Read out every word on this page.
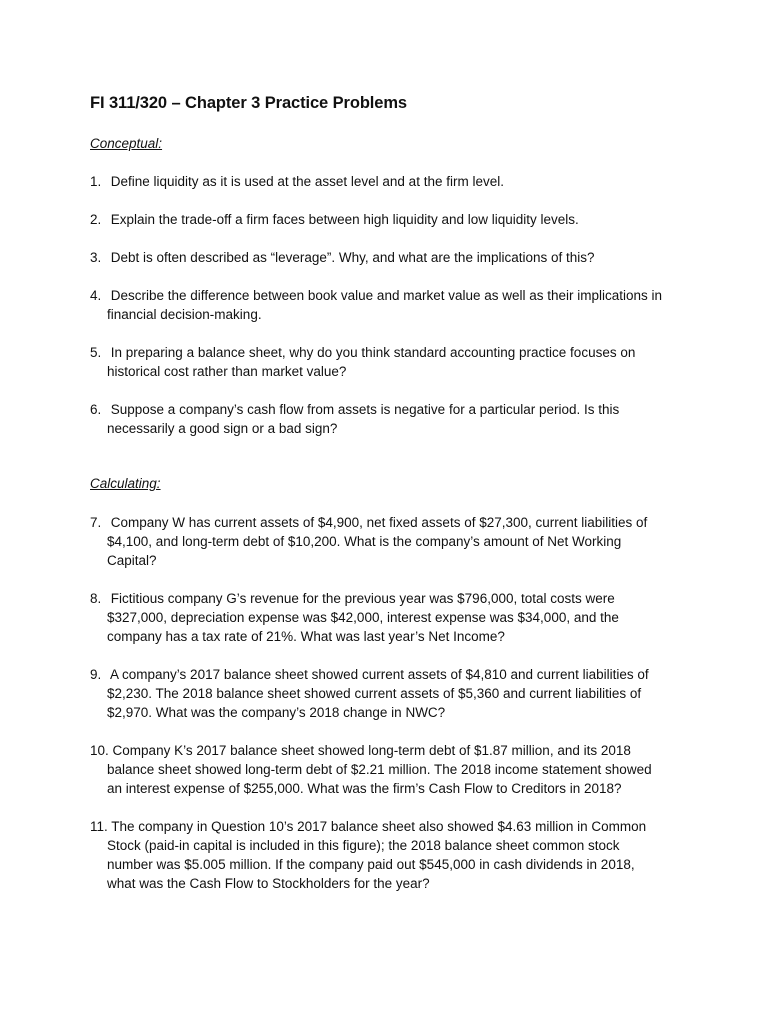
FI 311/320 – Chapter 3 Practice Problems
Conceptual:
1. Define liquidity as it is used at the asset level and at the firm level.
2. Explain the trade-off a firm faces between high liquidity and low liquidity levels.
3. Debt is often described as “leverage”. Why, and what are the implications of this?
4. Describe the difference between book value and market value as well as their implications in
financial decision-making.
5. In preparing a balance sheet, why do you think standard accounting practice focuses on
historical cost rather than market value?
6. Suppose a company’s cash flow from assets is negative for a particular period. Is this
necessarily a good sign or a bad sign?
Calculating:
7. Company W has current assets of $4,900, net fixed assets of $27,300, current liabilities of
$4,100, and long-term debt of $10,200. What is the company’s amount of Net Working
Capital?
8. Fictitious company G’s revenue for the previous year was $796,000, total costs were
$327,000, depreciation expense was $42,000, interest expense was $34,000, and the
company has a tax rate of 21%. What was last year’s Net Income?
9. A company’s 2017 balance sheet showed current assets of $4,810 and current liabilities of
$2,230. The 2018 balance sheet showed current assets of $5,360 and current liabilities of
$2,970. What was the company’s 2018 change in NWC?
10. Company K’s 2017 balance sheet showed long-term debt of $1.87 million, and its 2018
balance sheet showed long-term debt of $2.21 million. The 2018 income statement showed
an interest expense of $255,000. What was the firm’s Cash Flow to Creditors in 2018?
11. The company in Question 10’s 2017 balance sheet also showed $4.63 million in Common
Stock (paid-in capital is included in this figure); the 2018 balance sheet common stock
number was $5.005 million. If the company paid out $545,000 in cash dividends in 2018,
what was the Cash Flow to Stockholders for the year?
